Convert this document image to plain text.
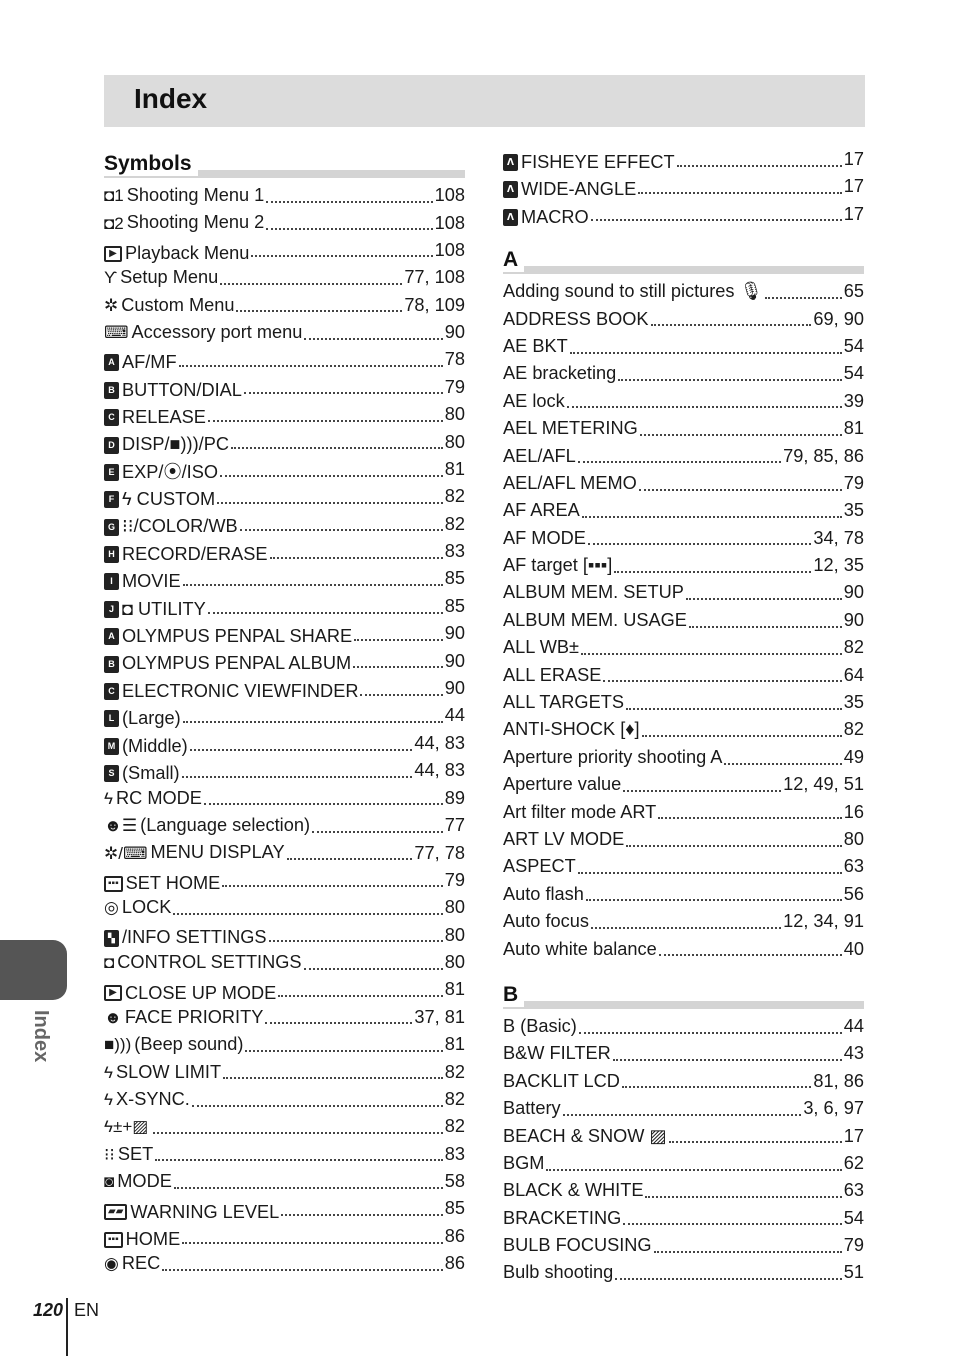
Index
Symbols
◘1 Shooting Menu 1	108
◘2 Shooting Menu 2	108
▶ Playback Menu	108
ϒ Setup Menu	77, 108
✲ Custom Menu	78, 109
⌨ Accessory port menu	90
A AF/MF	78
B BUTTON/DIAL	79
C RELEASE	80
D DISP/■)))/PC	80
E EXP/⦿/ISO	81
F ϟ CUSTOM	82
G ⁝⁝/COLOR/WB	82
H RECORD/ERASE	83
I MOVIE	85
J ◘ UTILITY	85
A OLYMPUS PENPAL SHARE	90
B OLYMPUS PENPAL ALBUM	90
C ELECTRONIC VIEWFINDER	90
L (Large)	44
M (Middle)	44, 83
S (Small)	44, 83
ϟ RC MODE	89
☻☰ (Language selection)	77
✲/⌨ MENU DISPLAY	77, 78
▪▪▪ SET HOME	79
◎ LOCK	80
▚ /INFO SETTINGS	80
◘ CONTROL SETTINGS	80
▶ CLOSE UP MODE	81
☻ FACE PRIORITY	37, 81
■))) (Beep sound)	81
ϟ SLOW LIMIT	82
ϟ X-SYNC.	82
ϟ±+▨	82
⁝⁝ SET	83
◙ MODE	58
▰▰ WARNING LEVEL	85
▪▪▪ HOME	86
◉ REC	86
ᐱ FISHEYE EFFECT	17
ᐱ WIDE-ANGLE	17
ᐱ MACRO	17
A
Adding sound to still pictures 🎙	65
ADDRESS BOOK	69, 90
AE BKT	54
AE bracketing	54
AE lock	39
AEL METERING	81
AEL/AFL	79, 85, 86
AEL/AFL MEMO	79
AF AREA	35
AF MODE	34, 78
AF target [▪▪▪]	12, 35
ALBUM MEM. SETUP	90
ALBUM MEM. USAGE	90
ALL WB±	82
ALL ERASE	64
ALL TARGETS	35
ANTI-SHOCK [♦]	82
Aperture priority shooting A	49
Aperture value	12, 49, 51
Art filter mode ART	16
ART LV MODE	80
ASPECT	63
Auto flash	56
Auto focus	12, 34, 91
Auto white balance	40
B
B (Basic)	44
B&W FILTER	43
BACKLIT LCD	81, 86
Battery	3, 6, 97
BEACH & SNOW ▨	17
BGM	62
BLACK & WHITE	63
BRACKETING	54
BULB FOCUSING	79
Bulb shooting	51
Index
120 EN
